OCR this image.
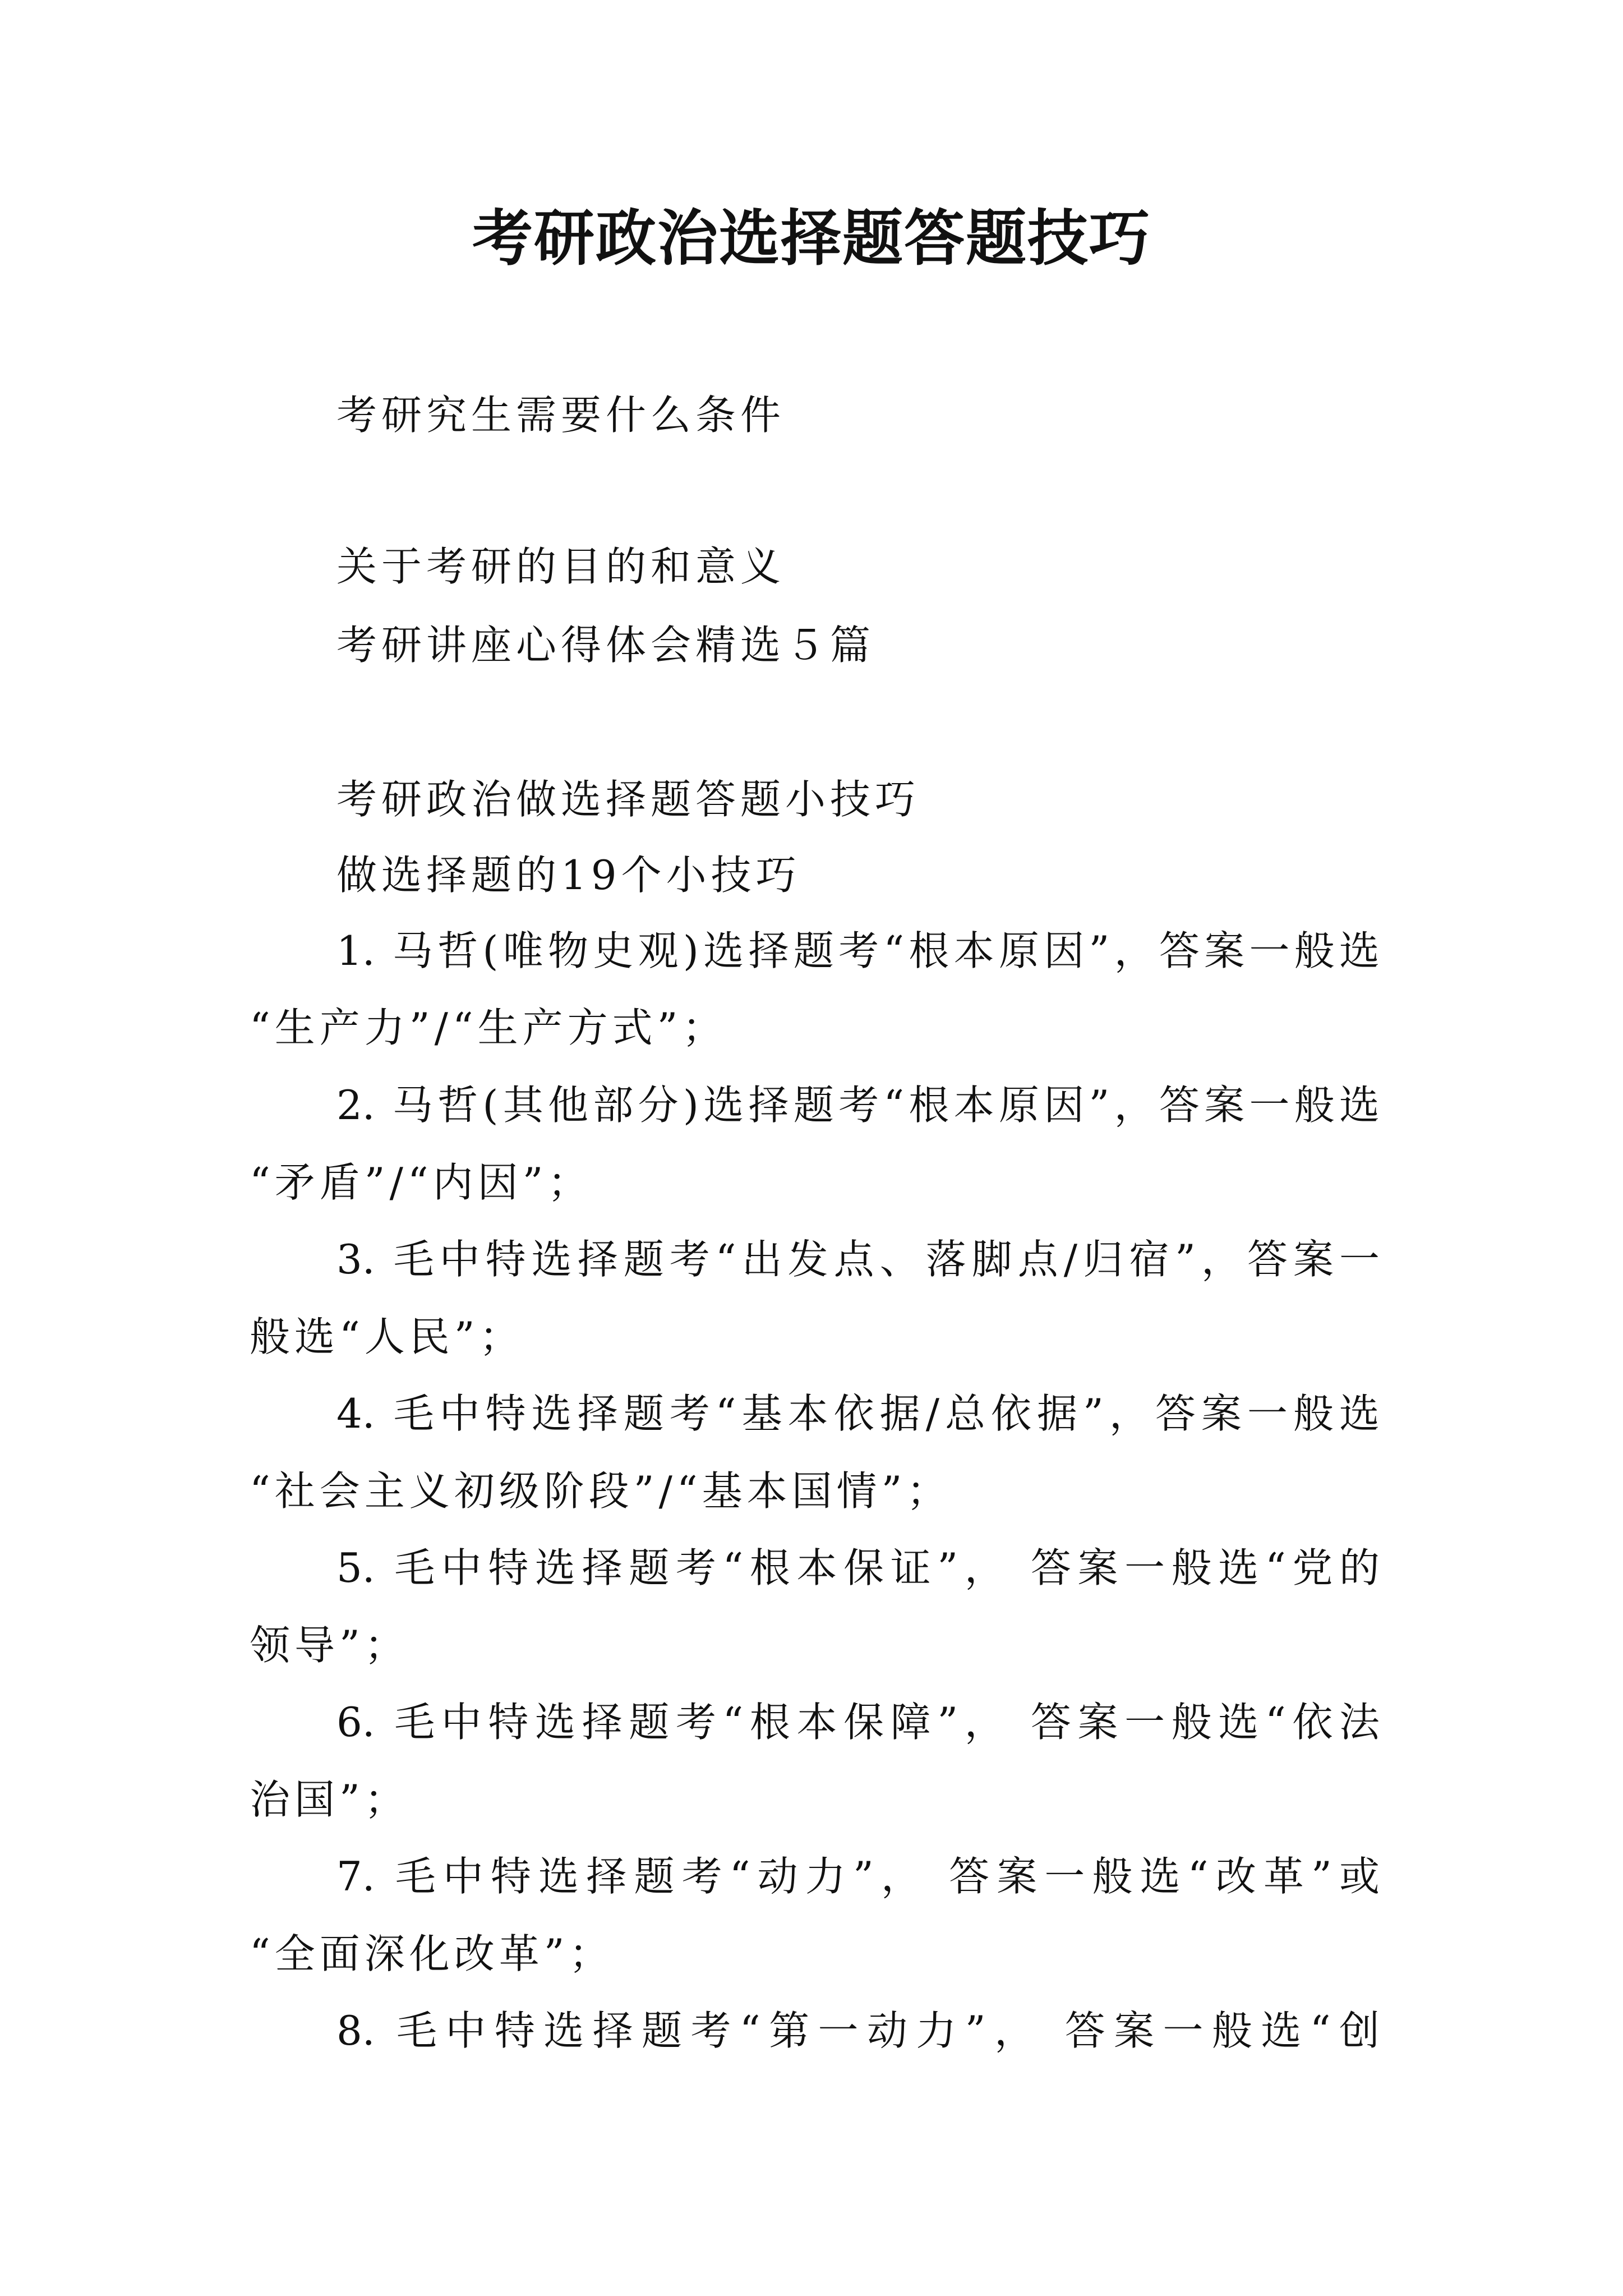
考研政治选择题答题技巧
考研究生需要什么条件
关于考研的目的和意义
考研讲座心得体会精选５篇
考研政治做选择题答题小技巧
做选择题的19个小技巧
1. 马哲(唯物史观)选择题考“根本原因”，答案一般选
“生产力”/“生产方式”；
2. 马哲(其他部分)选择题考“根本原因”，答案一般选
“矛盾”/“内因”；
3. 毛中特选择题考“出发点、落脚点/归宿”，答案一
般选“人民”；
4. 毛中特选择题考“基本依据/总依据”，答案一般选
“社会主义初级阶段”/“基本国情”；
5. 毛中特选择题考“根本保证”， 答案一般选“党的
领导”；
6. 毛中特选择题考“根本保障”， 答案一般选“依法
治国”；
7. 毛中特选择题考“动力”， 答案一般选“改革”或
“全面深化改革”；
8. 毛中特选择题考“第一动力”， 答案一般选“创
